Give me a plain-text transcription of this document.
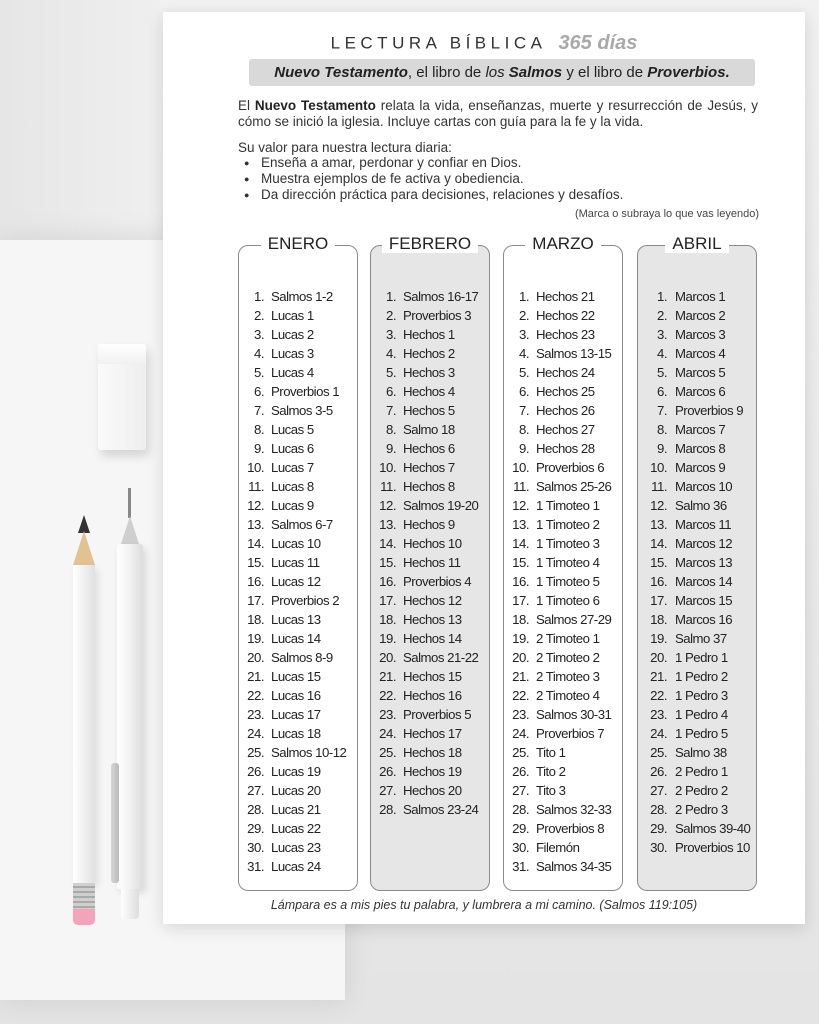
LECTURA BÍBLICA 365 días
Nuevo Testamento, el libro de los Salmos y el libro de Proverbios.
El Nuevo Testamento relata la vida, enseñanzas, muerte y resurrección de Jesús, y cómo se inició la iglesia. Incluye cartas con guía para la fe y la vida.
Su valor para nuestra lectura diaria:
● Enseña a amar, perdonar y confiar en Dios.
● Muestra ejemplos de fe activa y obediencia.
● Da dirección práctica para decisiones, relaciones y desafíos.
(Marca o subraya lo que vas leyendo)
ENERO
1. Salmos 1-2
2. Lucas 1
3. Lucas 2
4. Lucas 3
5. Lucas 4
6. Proverbios 1
7. Salmos 3-5
8. Lucas 5
9. Lucas 6
10. Lucas 7
11. Lucas 8
12. Lucas 9
13. Salmos 6-7
14. Lucas 10
15. Lucas 11
16. Lucas 12
17. Proverbios 2
18. Lucas 13
19. Lucas 14
20. Salmos 8-9
21. Lucas 15
22. Lucas 16
23. Lucas 17
24. Lucas 18
25. Salmos 10-12
26. Lucas 19
27. Lucas 20
28. Lucas 21
29. Lucas 22
30. Lucas 23
31. Lucas 24
FEBRERO
1. Salmos 16-17
2. Proverbios 3
3. Hechos 1
4. Hechos 2
5. Hechos 3
6. Hechos 4
7. Hechos 5
8. Salmo 18
9. Hechos 6
10. Hechos 7
11. Hechos 8
12. Salmos 19-20
13. Hechos 9
14. Hechos 10
15. Hechos 11
16. Proverbios 4
17. Hechos 12
18. Hechos 13
19. Hechos 14
20. Salmos 21-22
21. Hechos 15
22. Hechos 16
23. Proverbios 5
24. Hechos 17
25. Hechos 18
26. Hechos 19
27. Hechos 20
28. Salmos 23-24
MARZO
1. Hechos 21
2. Hechos 22
3. Hechos 23
4. Salmos 13-15
5. Hechos 24
6. Hechos 25
7. Hechos 26
8. Hechos 27
9. Hechos 28
10. Proverbios 6
11. Salmos 25-26
12. 1 Timoteo 1
13. 1 Timoteo 2
14. 1 Timoteo 3
15. 1 Timoteo 4
16. 1 Timoteo 5
17. 1 Timoteo 6
18. Salmos 27-29
19. 2 Timoteo 1
20. 2 Timoteo 2
21. 2 Timoteo 3
22. 2 Timoteo 4
23. Salmos 30-31
24. Proverbios 7
25. Tito 1
26. Tito 2
27. Tito 3
28. Salmos 32-33
29. Proverbios 8
30. Filemón
31. Salmos 34-35
ABRIL
1. Marcos 1
2. Marcos 2
3. Marcos 3
4. Marcos 4
5. Marcos 5
6. Marcos 6
7. Proverbios 9
8. Marcos 7
9. Marcos 8
10. Marcos 9
11. Marcos 10
12. Salmo 36
13. Marcos 11
14. Marcos 12
15. Marcos 13
16. Marcos 14
17. Marcos 15
18. Marcos 16
19. Salmo 37
20. 1 Pedro 1
21. 1 Pedro 2
22. 1 Pedro 3
23. 1 Pedro 4
24. 1 Pedro 5
25. Salmo 38
26. 2 Pedro 1
27. 2 Pedro 2
28. 2 Pedro 3
29. Salmos 39-40
30. Proverbios 10
Lámpara es a mis pies tu palabra, y lumbrera a mi camino. (Salmos 119:105)
